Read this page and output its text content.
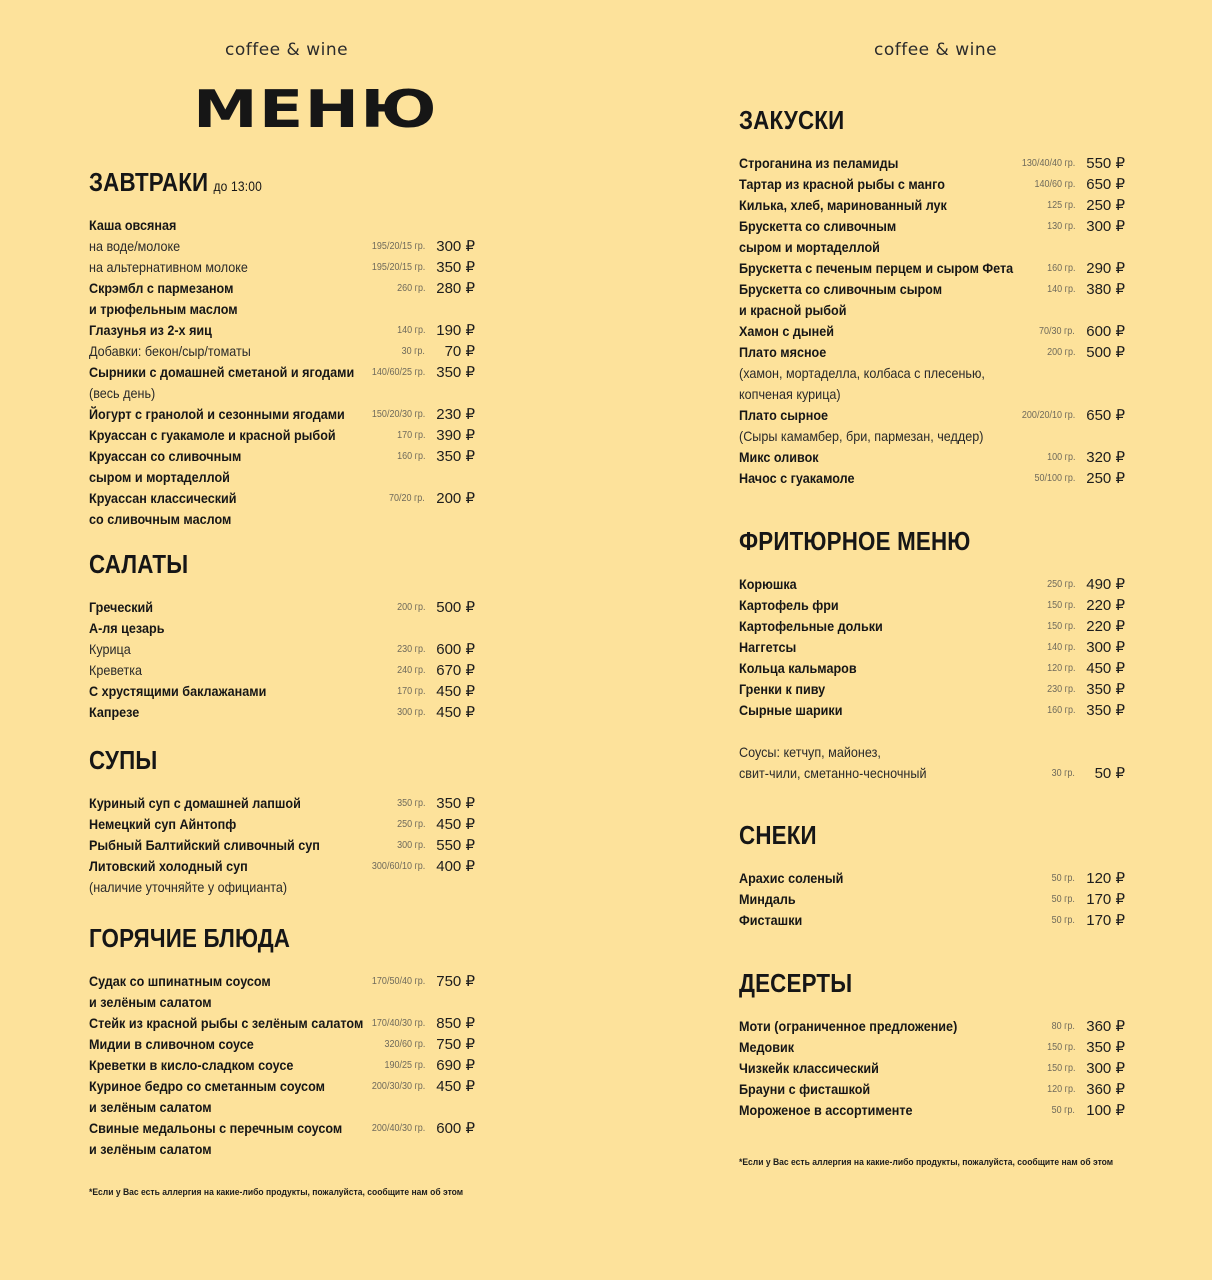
coffee & wine	coffee & wine
МЕНЮ
ЗАВТРАКИ до 13:00
Каша овсяная
на воде/молоке	195/20/15 гр. 300 ₽
на альтернативном молоке	195/20/15 гр. 350 ₽
Скрэмбл с пармезаном	260 гр. 280 ₽
и трюфельным маслом
Глазунья из 2-х яиц	140 гр. 190 ₽
Добавки: бекон/сыр/томаты	30 гр. 70 ₽
Сырники с домашней сметаной и ягодами 140/60/25 гр. 350 ₽
(весь день)
Йогурт с гранолой и сезонными ягодами	150/20/30 гр. 230 ₽
Круассан с гуакамоле и красной рыбой	170 гр. 390 ₽
Круассан со сливочным	160 гр. 350 ₽
сыром и мортаделлой
Круассан классический	70/20 гр. 200 ₽
со сливочным маслом
САЛАТЫ
Греческий	200 гр. 500 ₽
А-ля цезарь
Курица	230 гр. 600 ₽
Креветка	240 гр. 670 ₽
С хрустящими баклажанами	170 гр. 450 ₽
Капрезе	300 гр. 450 ₽
СУПЫ
Куриный суп с домашней лапшой	350 гр. 350 ₽
Немецкий суп Айнтопф	250 гр. 450 ₽
Рыбный Балтийский сливочный суп	300 гр. 550 ₽
Литовский холодный суп	300/60/10 гр. 400 ₽
(наличие уточняйте у официанта)
ГОРЯЧИЕ БЛЮДА
Судак со шпинатным соусом	170/50/40 гр. 750 ₽
и зелёным салатом
Стейк из красной рыбы с зелёным салатом 170/40/30 гр. 850 ₽
Мидии в сливочном соусе	320/60 гр. 750 ₽
Креветки в кисло-сладком соусе	190/25 гр. 690 ₽
Куриное бедро со сметанным соусом	200/30/30 гр. 450 ₽
и зелёным салатом
Свиные медальоны с перечным соусом	200/40/30 гр. 600 ₽
и зелёным салатом
*Если у Вас есть аллергия на какие-либо продукты, пожалуйста, сообщите нам об этом
ЗАКУСКИ
Строганина из пеламиды	130/40/40 гр. 550 ₽
Тартар из красной рыбы с манго	140/60 гр. 650 ₽
Килька, хлеб, маринованный лук	125 гр. 250 ₽
Брускетта со сливочным	130 гр. 300 ₽
сыром и мортаделлой
Брускетта с печеным перцем и сыром Фета	160 гр. 290 ₽
Брускетта со сливочным сыром	140 гр. 380 ₽
и красной рыбой
Хамон с дыней	70/30 гр. 600 ₽
Плато мясное	200 гр. 500 ₽
(хамон, мортаделла, колбаса с плесенью,
копченая курица)
Плато сырное	200/20/10 гр. 650 ₽
(Сыры камамбер, бри, пармезан, чеддер)
Микс оливок	100 гр. 320 ₽
Начос с гуакамоле	50/100 гр. 250 ₽
ФРИТЮРНОЕ МЕНЮ
Корюшка	250 гр. 490 ₽
Картофель фри	150 гр. 220 ₽
Картофельные дольки	150 гр. 220 ₽
Наггетсы	140 гр. 300 ₽
Кольца кальмаров	120 гр. 450 ₽
Гренки к пиву	230 гр. 350 ₽
Сырные шарики	160 гр. 350 ₽
Соусы: кетчуп, майонез,
свит-чили, сметанно-чесночный	30 гр. 50 ₽
СНЕКИ
Арахис соленый	50 гр. 120 ₽
Миндаль	50 гр. 170 ₽
Фисташки	50 гр. 170 ₽
ДЕСЕРТЫ
Моти (ограниченное предложение)	80 гр. 360 ₽
Медовик	150 гр. 350 ₽
Чизкейк классический	150 гр. 300 ₽
Брауни с фисташкой	120 гр. 360 ₽
Мороженое в ассортименте	50 гр. 100 ₽
*Если у Вас есть аллергия на какие-либо продукты, пожалуйста, сообщите нам об этом
